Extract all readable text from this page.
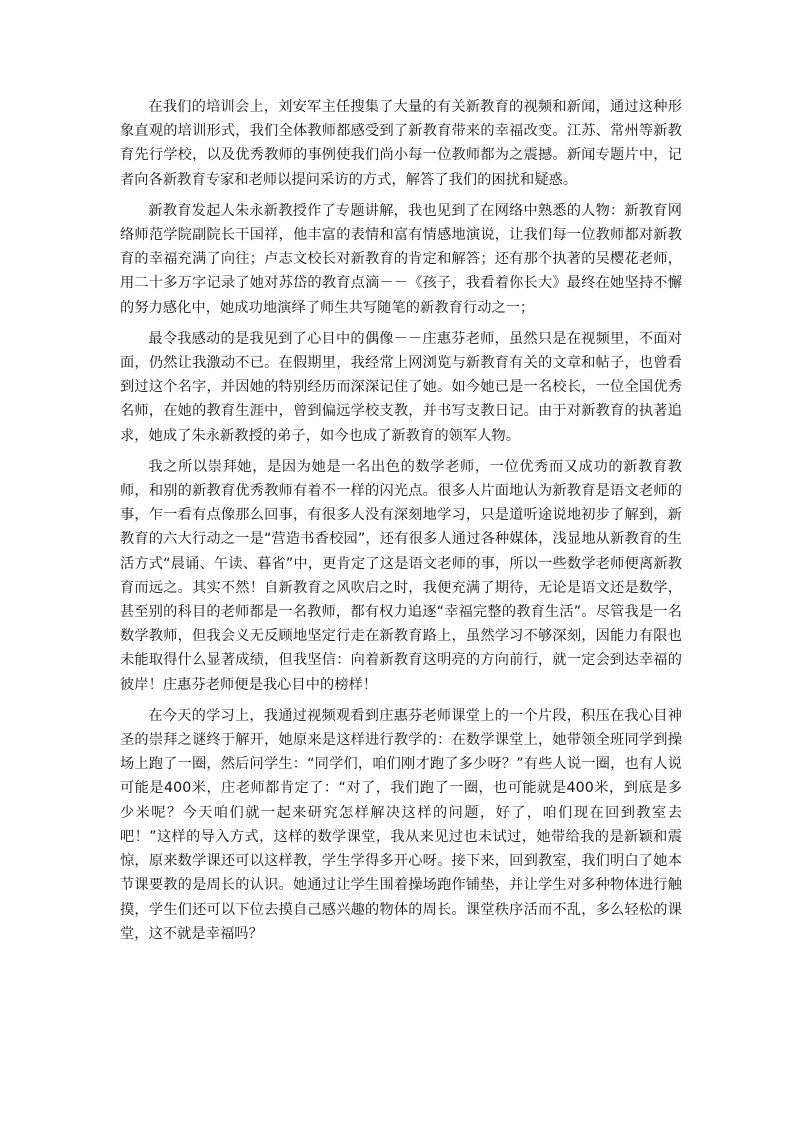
在我们的培训会上，刘安军主任搜集了大量的有关新教育的视频和新闻，通过这种形象直观的培训形式，我们全体教师都感受到了新教育带来的幸福改变。江苏、常州等新教育先行学校，以及优秀教师的事例使我们尚小每一位教师都为之震撼。新闻专题片中，记者向各新教育专家和老师以提问采访的方式，解答了我们的困扰和疑惑。

新教育发起人朱永新教授作了专题讲解，我也见到了在网络中熟悉的人物：新教育网络师范学院副院长干国祥，他丰富的表情和富有情感地演说，让我们每一位教师都对新教育的幸福充满了向往；卢志文校长对新教育的肯定和解答；还有那个执著的吴樱花老师，用二十多万字记录了她对苏岱的教育点滴－－《孩子，我看着你长大》最终在她坚持不懈的努力感化中，她成功地演绎了师生共写随笔的新教育行动之一；

最令我感动的是我见到了心目中的偶像－－庄惠芬老师，虽然只是在视频里，不面对面，仍然让我激动不已。在假期里，我经常上网浏览与新教育有关的文章和帖子，也曾看到过这个名字，并因她的特别经历而深深记住了她。如今她已是一名校长，一位全国优秀名师，在她的教育生涯中，曾到偏远学校支教，并书写支教日记。由于对新教育的执著追求，她成了朱永新教授的弟子，如今也成了新教育的领军人物。

我之所以崇拜她，是因为她是一名出色的数学老师，一位优秀而又成功的新教育教师，和别的新教育优秀教师有着不一样的闪光点。很多人片面地认为新教育是语文老师的事，乍一看有点像那么回事，有很多人没有深刻地学习，只是道听途说地初步了解到，新教育的六大行动之一是“营造书香校园”，还有很多人通过各种媒体，浅显地从新教育的生活方式“晨诵、午读、暮省”中，更肯定了这是语文老师的事，所以一些数学老师便离新教育而远之。其实不然！自新教育之风吹启之时，我便充满了期待，无论是语文还是数学，甚至别的科目的老师都是一名教师，都有权力追逐“幸福完整的教育生活”。尽管我是一名数学教师，但我会义无反顾地坚定行走在新教育路上，虽然学习不够深刻，因能力有限也未能取得什么显著成绩，但我坚信：向着新教育这明亮的方向前行，就一定会到达幸福的彼岸！庄惠芬老师便是我心目中的榜样！

在今天的学习上，我通过视频观看到庄惠芬老师课堂上的一个片段，积压在我心目神圣的崇拜之谜终于解开，她原来是这样进行教学的：在数学课堂上，她带领全班同学到操场上跑了一圈，然后问学生：“同学们，咱们刚才跑了多少呀？”有些人说一圈，也有人说可能是400米，庄老师都肯定了：“对了，我们跑了一圈，也可能就是400米，到底是多少米呢？今天咱们就一起来研究怎样解决这样的问题，好了，咱们现在回到教室去吧！”这样的导入方式，这样的数学课堂，我从来见过也未试过，她带给我的是新颖和震惊，原来数学课还可以这样教，学生学得多开心呀。接下来，回到教室，我们明白了她本节课要教的是周长的认识。她通过让学生围着操场跑作铺垫，并让学生对多种物体进行触摸，学生们还可以下位去摸自己感兴趣的物体的周长。课堂秩序活而不乱，多么轻松的课堂，这不就是幸福吗？
